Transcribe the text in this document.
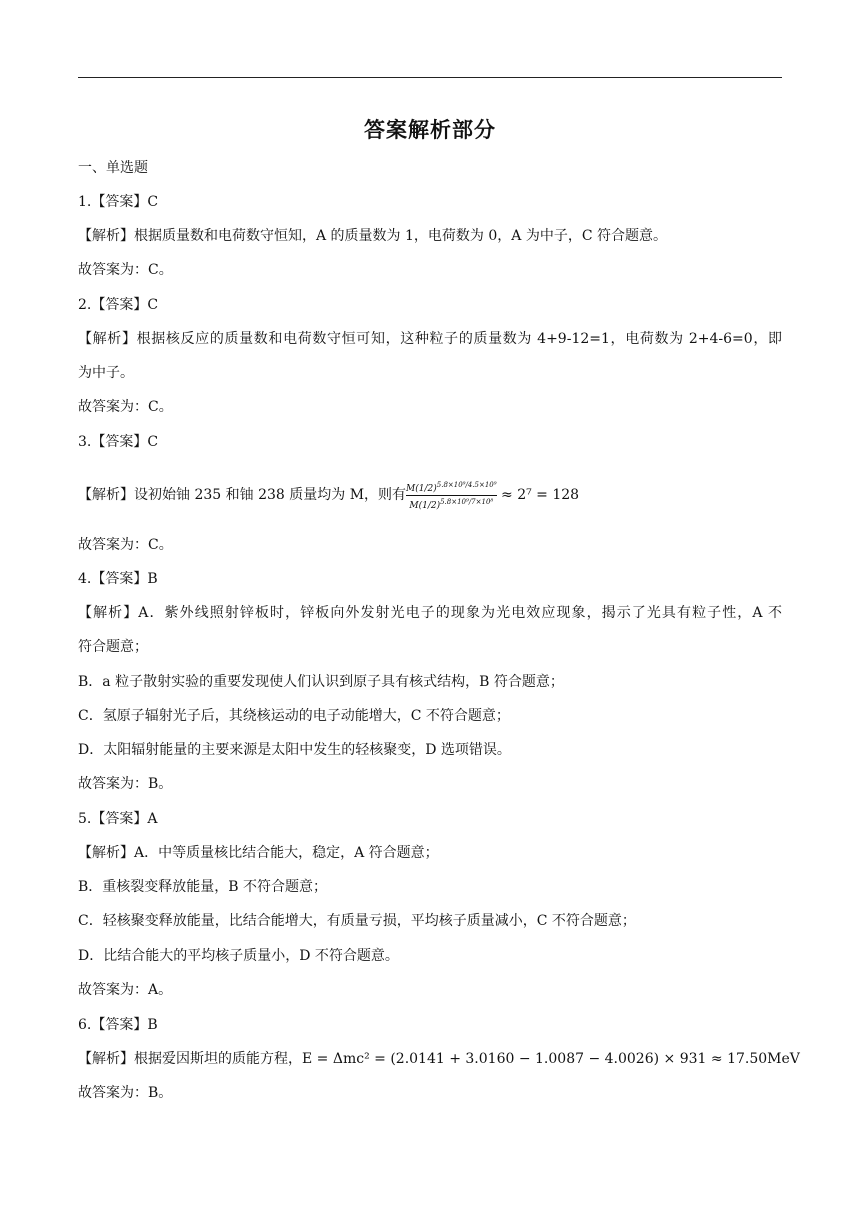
答案解析部分
一、单选题
1.【答案】C
【解析】根据质量数和电荷数守恒知，A 的质量数为 1，电荷数为 0，A 为中子，C 符合题意。
故答案为：C。
2.【答案】C
【解析】根据核反应的质量数和电荷数守恒可知，这种粒子的质量数为 4+9-12=1，电荷数为 2+4-6=0，即
为中子。
故答案为：C。
3.【答案】C
【解析】设初始铀 235 和铀 238 质量均为 M，则有 $\frac{M(1/2)^{5.8\times 10^9/4.5\times 10^9}}{M(1/2)^{5.8\times 10^9/7\times 10^8}} \approx 2^7 = 128$
故答案为：C。
4.【答案】B
【解析】A．紫外线照射锌板时，锌板向外发射光电子的现象为光电效应现象，揭示了光具有粒子性，A 不
符合题意；
B．a 粒子散射实验的重要发现使人们认识到原子具有核式结构，B 符合题意；
C．氢原子辐射光子后，其绕核运动的电子动能增大，C 不符合题意；
D．太阳辐射能量的主要来源是太阳中发生的轻核聚变，D 选项错误。
故答案为：B。
5.【答案】A
【解析】A．中等质量核比结合能大，稳定，A 符合题意；
B．重核裂变释放能量，B 不符合题意；
C．轻核聚变释放能量，比结合能增大，有质量亏损，平均核子质量减小，C 不符合题意；
D．比结合能大的平均核子质量小，D 不符合题意。
故答案为：A。
6.【答案】B
【解析】根据爱因斯坦的质能方程，E = Δmc² = (2.0141 + 3.0160 − 1.0087 − 4.0026) × 931 ≈ 17.50MeV
故答案为：B。
